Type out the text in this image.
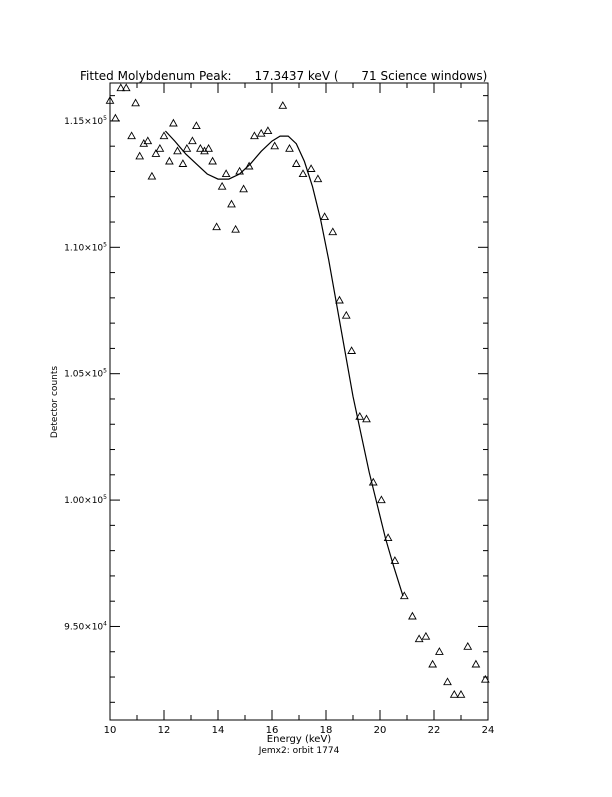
Fitted Molybdenum Peak:      17.3437 keV (      71 Science windows)
10	12	14	16	18	20	22	24
$9.50\times 10^4$
$1.00\times 10^5$
$1.05\times 10^5$
$1.10\times 10^5$
$1.15\times 10^5$
Detector counts
Energy (keV)
Jemx2: orbit 1774
